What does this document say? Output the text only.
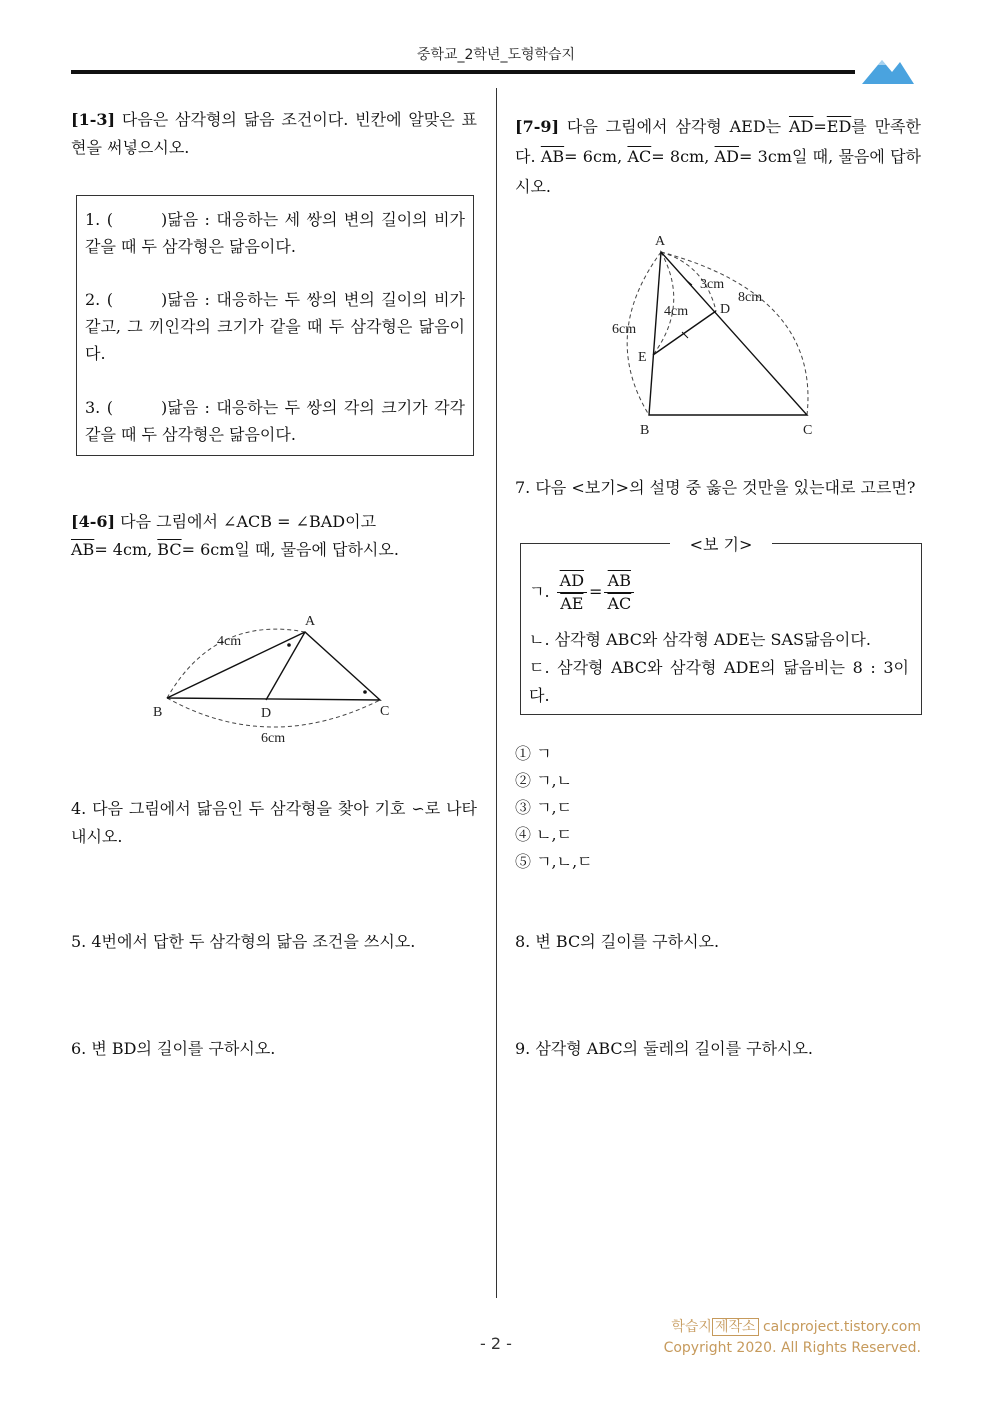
중학교_2학년_도형학습지
[1-3] 다음은 삼각형의 닮음 조건이다. 빈칸에 알맞은 표현을 써넣으시오.
1. (	)닮음 : 대응하는 세 쌍의 변의 길이의 비가 같을 때 두 삼각형은 닮음이다.
2. (	)닮음 : 대응하는 두 쌍의 변의 길이의 비가 같고, 그 끼인각의 크기가 같을 때 두 삼각형은 닮음이다.
3. (	)닮음 : 대응하는 두 쌍의 각의 크기가 각각 같을 때 두 삼각형은 닮음이다.
[4-6] 다음 그림에서 ∠ACB = ∠BAD이고
$\overline{AB}= 4cm$, $\overline{BC}= 6cm$일 때, 물음에 답하시오.
A
B	C
D
4cm
6cm
4. 다음 그림에서 닮음인 두 삼각형을 찾아 기호 ∽로 나타내시오.
5. 4번에서 답한 두 삼각형의 닮음 조건을 쓰시오.
6. 변 BD의 길이를 구하시오.
[7-9] 다음 그림에서 삼각형 AED는 $\overline{AD}=\overline{ED}$를 만족한다. $\overline{AB}= 6cm$, $\overline{AC}= 8cm$, $\overline{AD}= 3cm$일 때, 물음에 답하시오.
A
B	C
D
E
6cm
4cm
3cm
8cm
7. 다음 <보기>의 설명 중 옳은 것만을 있는대로 고르면?
<보 기>
ㄱ. $\frac{\overline{AD}}{AE} = \frac{\overline{AB}}{AC}$
ㄴ. 삼각형 ABC와 삼각형 ADE는 SAS닮음이다.
ㄷ. 삼각형 ABC와 삼각형 ADE의 닮음비는 8 : 3이다.
① ㄱ
② ㄱ,ㄴ
③ ㄱ,ㄷ
④ ㄴ,ㄷ
⑤ ㄱ,ㄴ,ㄷ
8. 변 BC의 길이를 구하시오.
9. 삼각형 ABC의 둘레의 길이를 구하시오.
학습지 제작소 calcproject.tistory.com
Copyright 2020. All Rights Reserved.
- 2 -
